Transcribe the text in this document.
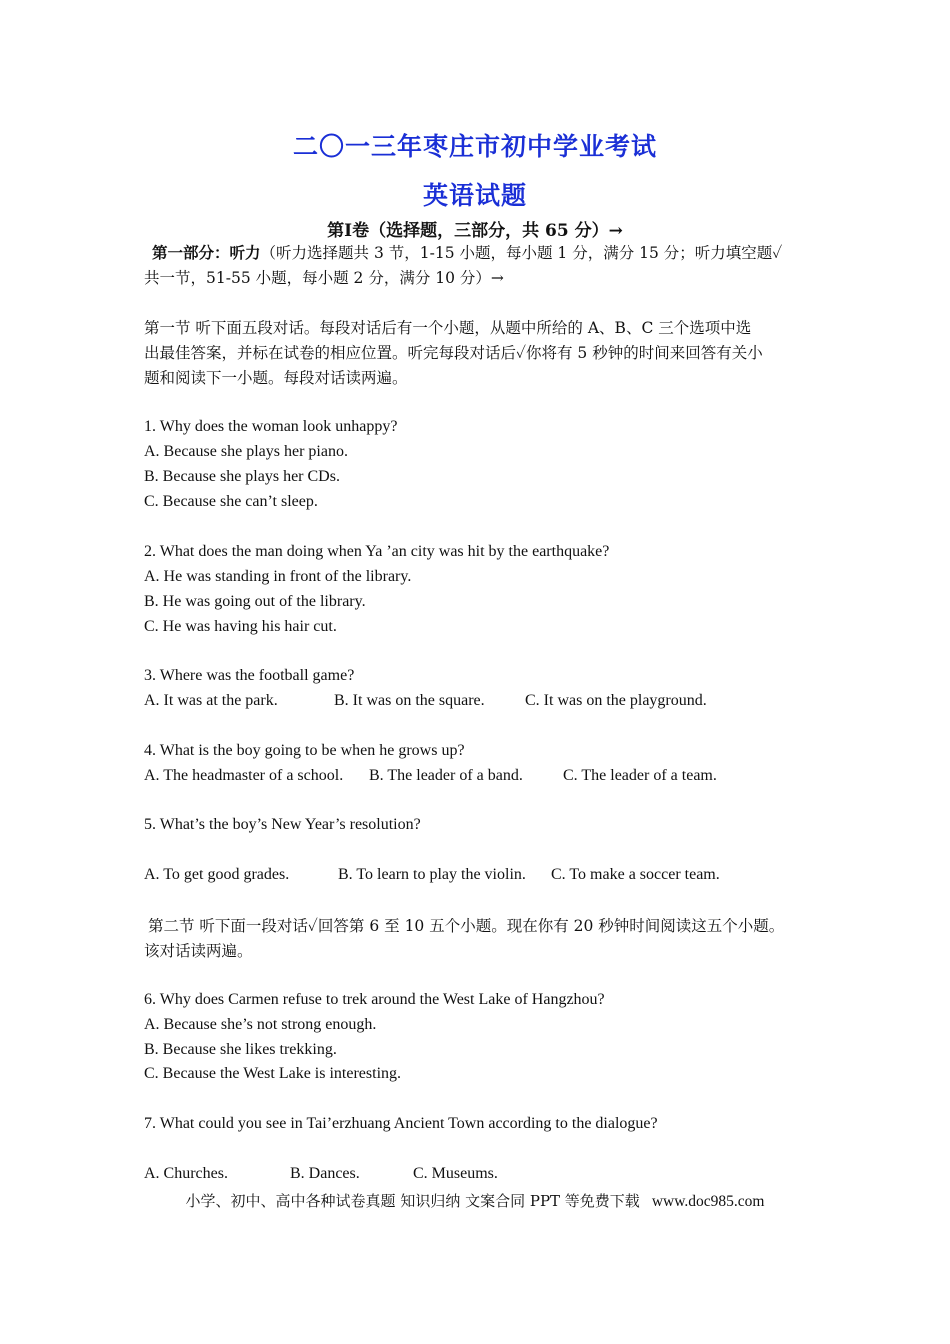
二〇一三年枣庄市初中学业考试
英语试题
第Ⅰ卷（选择题，三部分，共 65 分）→
第一部分：听力（听力选择题共 3 节，1-15 小题，每小题 1 分，满分 15 分；听力填空题✓
共一节，51-55 小题，每小题 2 分，满分 10 分）→
第一节 听下面五段对话。每段对话后有一个小题，从题中所给的 A、B、C 三个选项中选
出最佳答案，并标在试卷的相应位置。听完每段对话后✓你将有 5 秒钟的时间来回答有关小
题和阅读下一小题。每段对话读两遍。
1. Why does the woman look unhappy?
A. Because she plays her piano.
B. Because she plays her CDs.
C. Because she can’t sleep.
2. What does the man doing when Ya ’an city was hit by the earthquake?
A. He was standing in front of the library.
B. He was going out of the library.
C. He was having his hair cut.
3. Where was the football game?
A. It was at the park.	B. It was on the square.	C. It was on the playground.
4. What is the boy going to be when he grows up?
A. The headmaster of a school. B. The leader of a band.	C. The leader of a team.
5. What’s the boy’s New Year’s resolution?
A. To get good grades.	B. To learn to play the violin. C. To make a soccer team.
第二节 听下面一段对话✓回答第 6 至 10 五个小题。现在你有 20 秒钟时间阅读这五个小题。
该对话读两遍。
6. Why does Carmen refuse to trek around the West Lake of Hangzhou?
A. Because she’s not strong enough.
B. Because she likes trekking.
C. Because the West Lake is interesting.
7. What could you see in Tai’erzhuang Ancient Town according to the dialogue?
A. Churches.	B. Dances.	C. Museums.
小学、初中、高中各种试卷真题 知识归纳 文案合同 PPT 等免费下载 www.doc985.com
